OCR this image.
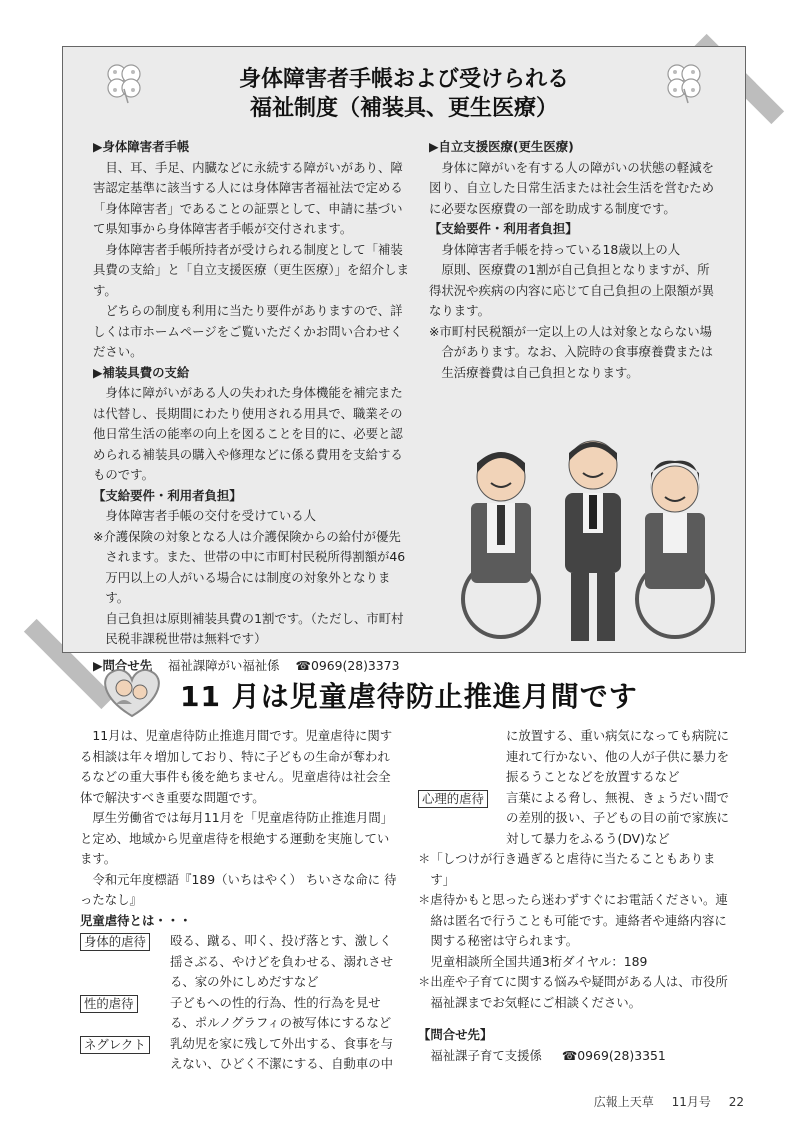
身体障害者手帳および受けられる
福祉制度（補装具、更生医療）

▶身体障害者手帳

目、耳、手足、内臓などに永続する障がいがあり、障害認定基準に該当する人には身体障害者福祉法で定める「身体障害者」であることの証票として、申請に基づいて県知事から身体障害者手帳が交付されます。

身体障害者手帳所持者が受けられる制度として「補装具費の支給」と「自立支援医療（更生医療）」を紹介します。

どちらの制度も利用に当たり要件がありますので、詳しくは市ホームページをご覧いただくかお問い合わせください。

▶補装具費の支給

身体に障がいがある人の失われた身体機能を補完または代替し、長期間にわたり使用される用具で、職業その他日常生活の能率の向上を図ることを目的に、必要と認められる補装具の購入や修理などに係る費用を支給するものです。

【支給要件・利用者負担】

身体障害者手帳の交付を受けている人

※介護保険の対象となる人は介護保険からの給付が優先されます。また、世帯の中に市町村民税所得割額が46万円以上の人がいる場合には制度の対象外となります。

自己負担は原則補装具費の1割です。（ただし、市町村民税非課税世帯は無料です）

▶問合せ先 福祉課障がい福祉係 ☎0969(28)3373

▶自立支援医療(更生医療)

身体に障がいを有する人の障がいの状態の軽減を図り、自立した日常生活または社会生活を営むために必要な医療費の一部を助成する制度です。

【支給要件・利用者負担】

身体障害者手帳を持っている18歳以上の人

原則、医療費の1割が自己負担となりますが、所得状況や疾病の内容に応じて自己負担の上限額が異なります。

※市町村民税額が一定以上の人は対象とならない場合があります。なお、入院時の食事療養費または生活療養費は自己負担となります。

11 月は児童虐待防止推進月間です

11月は、児童虐待防止推進月間です。児童虐待に関する相談は年々増加しており、特に子どもの生命が奪われるなどの重大事件も後を絶ちません。児童虐待は社会全体で解決すべき重要な問題です。

厚生労働省では毎月11月を「児童虐待防止推進月間」と定め、地域から児童虐待を根絶する運動を実施しています。

令和元年度標語『189（いちはやく） ちいさな命に 待ったなし』

児童虐待とは・・・

身体的虐待	殴る、蹴る、叩く、投げ落とす、激しく揺さぶる、やけどを負わせる、溺れさせる、家の外にしめだすなど

性的虐待	子どもへの性的行為、性的行為を見せる、ポルノグラフィの被写体にするなど

ネグレクト	乳幼児を家に残して外出する、食事を与えない、ひどく不潔にする、自動車の中

に放置する、重い病気になっても病院に連れて行かない、他の人が子供に暴力を振るうことなどを放置するなど

心理的虐待	言葉による脅し、無視、きょうだい間での差別的扱い、子どもの目の前で家族に対して暴力をふるう(DV)など

＊「しつけが行き過ぎると虐待に当たることもあります」

＊虐待かもと思ったら迷わずすぐにお電話ください。連絡は匿名で行うことも可能です。連絡者や連絡内容に関する秘密は守られます。

児童相談所全国共通3桁ダイヤル：189

＊出産や子育てに関する悩みや疑問がある人は、市役所福祉課までお気軽にご相談ください。

【問合せ先】

福祉課子育て支援係 ☎0969(28)3351

広報上天草 11月号 22
